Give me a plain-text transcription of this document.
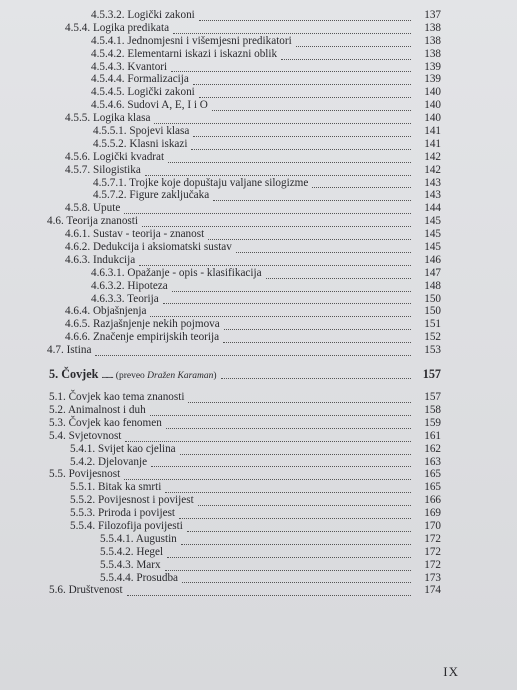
4.5.3.2. Logički zakoni	137
4.5.4. Logika predikata	138
4.5.4.1. Jednomjesni i višemjesni predikatori	138
4.5.4.2. Elementarni iskazi i iskazni oblik	138
4.5.4.3. Kvantori	139
4.5.4.4. Formalizacija	139
4.5.4.5. Logički zakoni	140
4.5.4.6. Sudovi A, E, I i O	140
4.5.5. Logika klasa	140
4.5.5.1. Spojevi klasa	141
4.5.5.2. Klasni iskazi	141
4.5.6. Logički kvadrat	142
4.5.7. Silogistika	142
4.5.7.1. Trojke koje dopuštaju valjane silogizme	143
4.5.7.2. Figure zaključaka	143
4.5.8. Upute	144
4.6. Teorija znanosti	145
4.6.1. Sustav - teorija - znanost	145
4.6.2. Dedukcija i aksiomatski sustav	145
4.6.3. Indukcija	146
4.6.3.1. Opažanje - opis - klasifikacija	147
4.6.3.2. Hipoteza	148
4.6.3.3. Teorija	150
4.6.4. Objašnjenja	150
4.6.5. Razjašnjenje nekih pojmova	151
4.6.6. Značenje empirijskih teorija	152
4.7. Istina	153
5. Čovjek ......... (preveo Dražen Karaman)	157
5.1. Čovjek kao tema znanosti	157
5.2. Animalnost i duh	158
5.3. Čovjek kao fenomen	159
5.4. Svjetovnost	161
5.4.1. Svijet kao cjelina	162
5.4.2. Djelovanje	163
5.5. Povijesnost	165
5.5.1. Bitak ka smrti	165
5.5.2. Povijesnost i povijest	166
5.5.3. Priroda i povijest	169
5.5.4. Filozofija povijesti	170
5.5.4.1. Augustin	172
5.5.4.2. Hegel	172
5.5.4.3. Marx	172
5.5.4.4. Prosudba	173
5.6. Društvenost	174
IX
